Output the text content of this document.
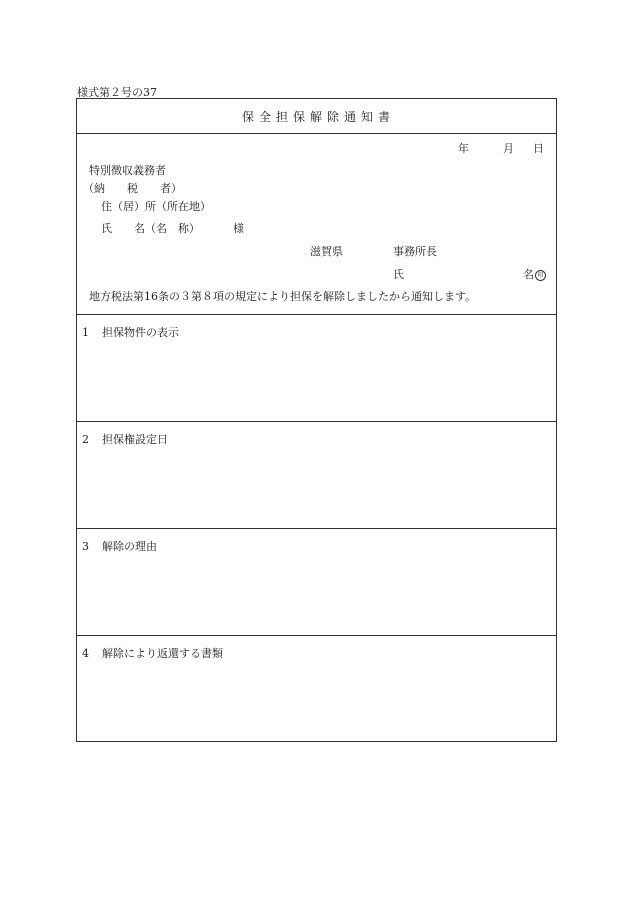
様式第２号の37
保全担保解除通知書
年	月 日
特別徴収義務者
（納　　税　　者）
住（居）所（所在地）
氏　　名（名　称）	様
滋賀県	事務所長
氏	名 印
地方税法第16条の３第８項の規定により担保を解除しましたから通知します。
1 担保物件の表示
2 担保権設定日
3 解除の理由
4 解除により返還する書類
